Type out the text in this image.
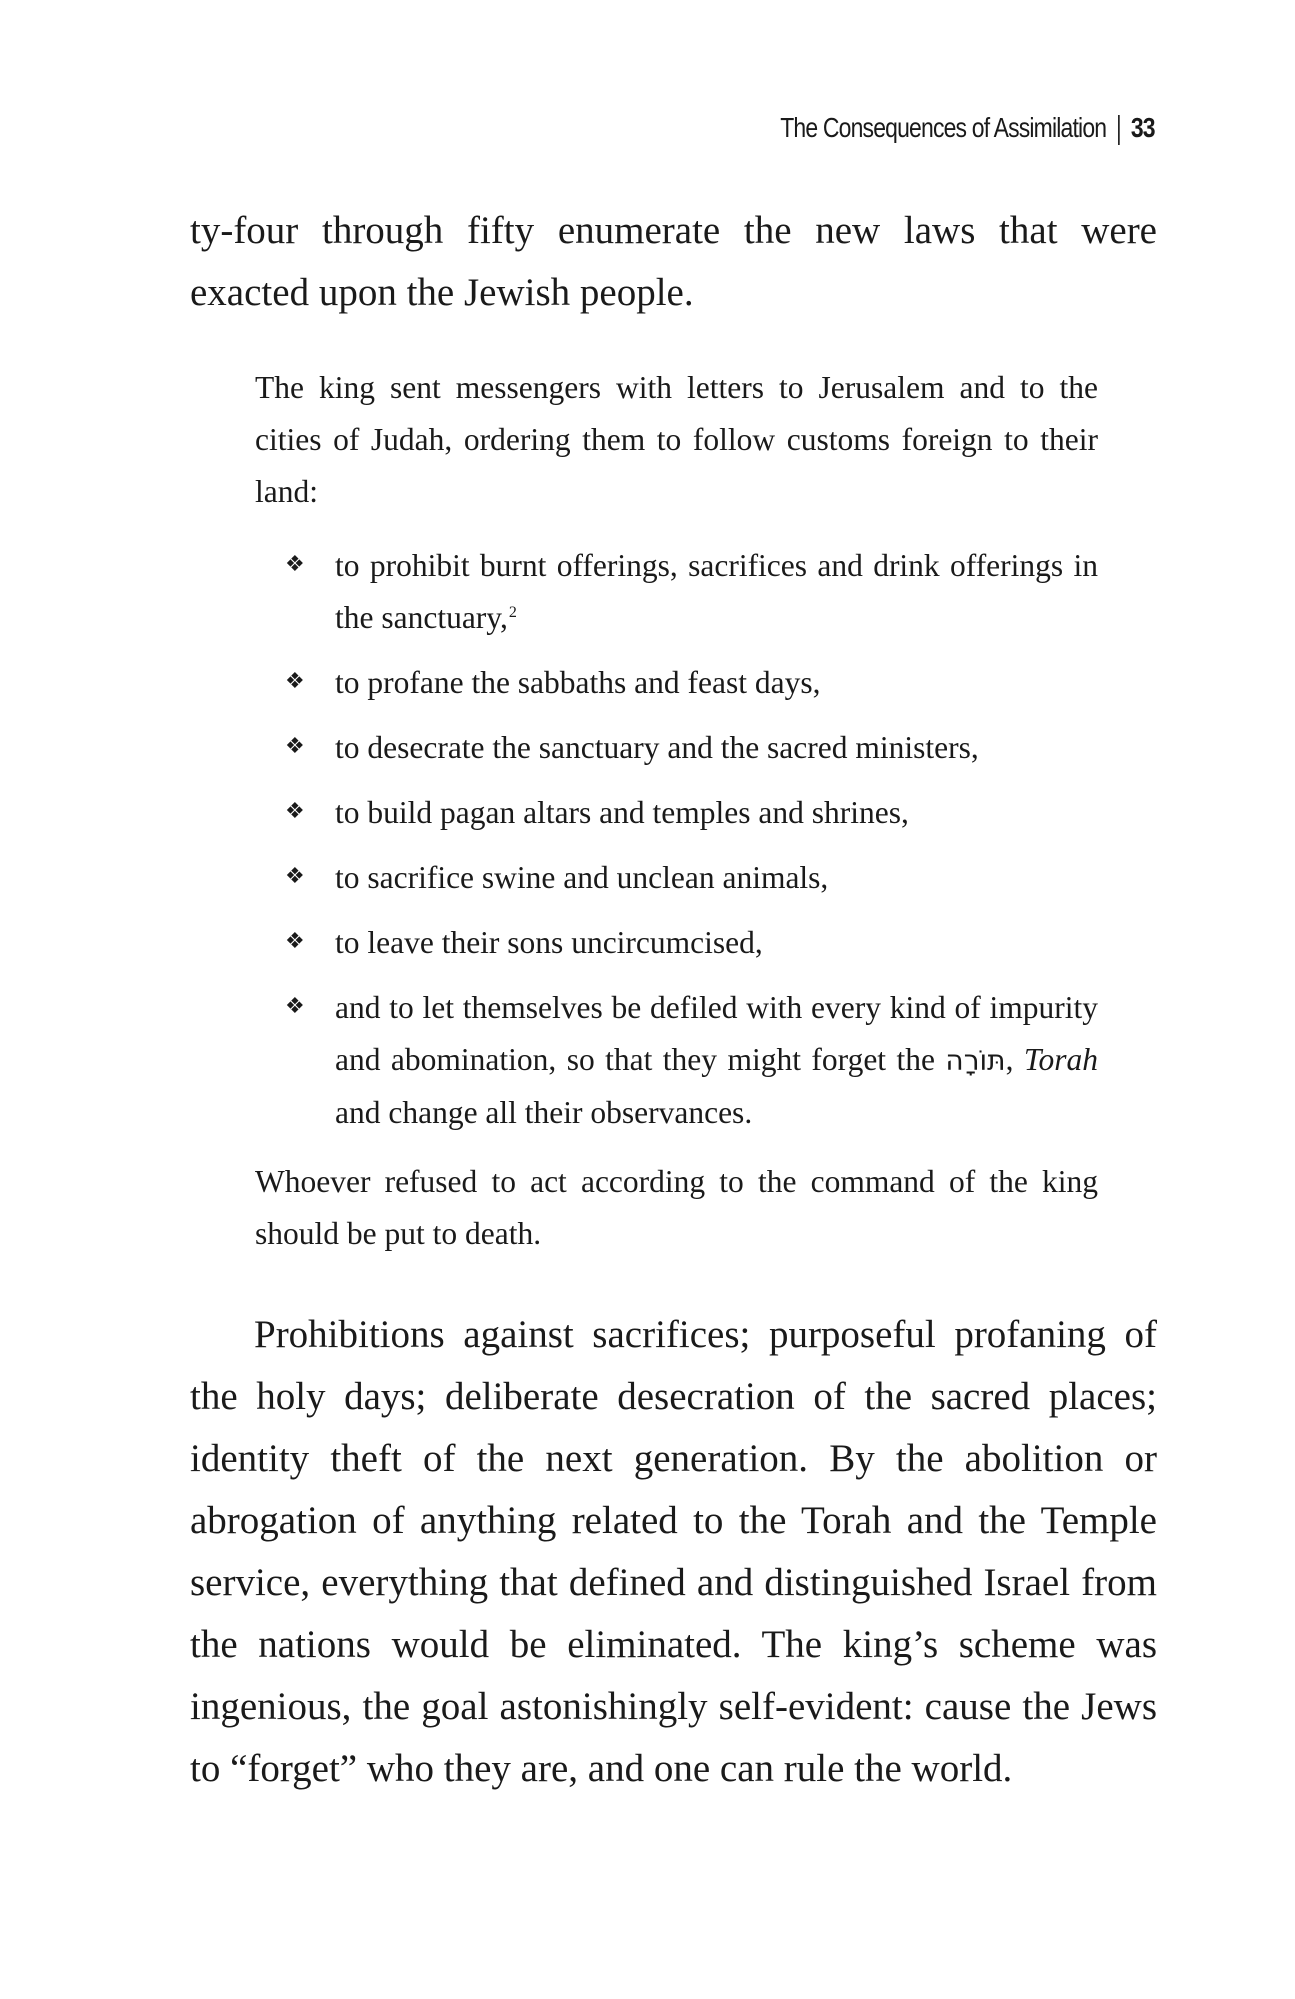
The Consequences of Assimilation 33

ty-four through fifty enumerate the new laws that were exacted upon the Jewish people.

The king sent messengers with letters to Jerusalem and to the cities of Judah, ordering them to follow customs foreign to their land:

❖ to prohibit burnt offerings, sacrifices and drink offerings in the sanctuary,$^2$
❖ to profane the sabbaths and feast days,
❖ to desecrate the sanctuary and the sacred ministers,
❖ to build pagan altars and temples and shrines,
❖ to sacrifice swine and unclean animals,
❖ to leave their sons uncircumcised,
❖ and to let themselves be defiled with every kind of impurity and abomination, so that they might forget the תּוֹרָה, Torah and change all their observances.

Whoever refused to act according to the command of the king should be put to death.

Prohibitions against sacrifices; purposeful profaning of the holy days; deliberate desecration of the sacred places; identity theft of the next generation. By the abolition or abrogation of anything related to the Torah and the Temple service, everything that defined and distinguished Israel from the nations would be eliminated. The king’s scheme was ingenious, the goal astonishingly self-evident: cause the Jews to “forget” who they are, and one can rule the world.
